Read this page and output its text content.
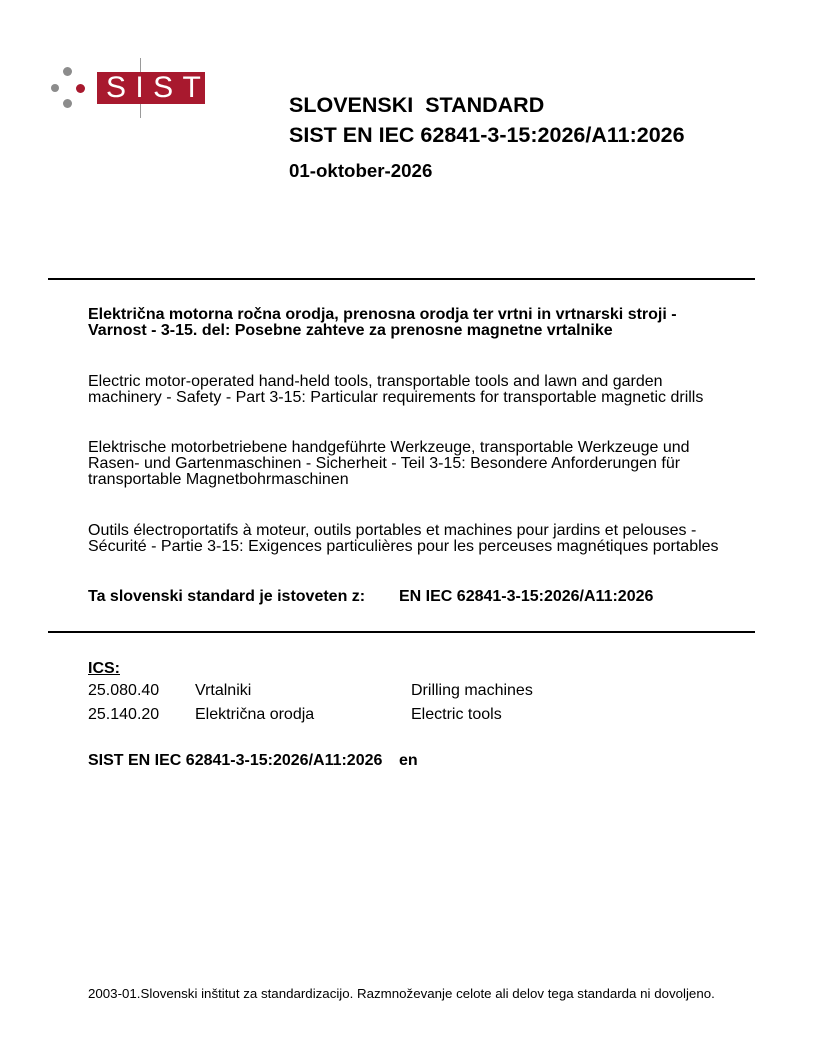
SIST
SLOVENSKI  STANDARD
SIST EN IEC 62841-3-15:2026/A11:2026
01-oktober-2026
Električna motorna ročna orodja, prenosna orodja ter vrtni in vrtnarski stroji -
Varnost - 3-15. del: Posebne zahteve za prenosne magnetne vrtalnike
Electric motor-operated hand-held tools, transportable tools and lawn and garden
machinery - Safety - Part 3-15: Particular requirements for transportable magnetic drills
Elektrische motorbetriebene handgeführte Werkzeuge, transportable Werkzeuge und
Rasen- und Gartenmaschinen - Sicherheit - Teil 3-15: Besondere Anforderungen für
transportable Magnetbohrmaschinen
Outils électroportatifs à moteur, outils portables et machines pour jardins et pelouses -
Sécurité - Partie 3-15: Exigences particulières pour les perceuses magnétiques portables
Ta slovenski standard je istoveten z: EN IEC 62841-3-15:2026/A11:2026
ICS:
25.080.40 Vrtalniki	Drilling machines
25.140.20 Električna orodja	Electric tools
SIST EN IEC 62841-3-15:2026/A11:2026 en
2003-01.Slovenski inštitut za standardizacijo. Razmnoževanje celote ali delov tega standarda ni dovoljeno.
